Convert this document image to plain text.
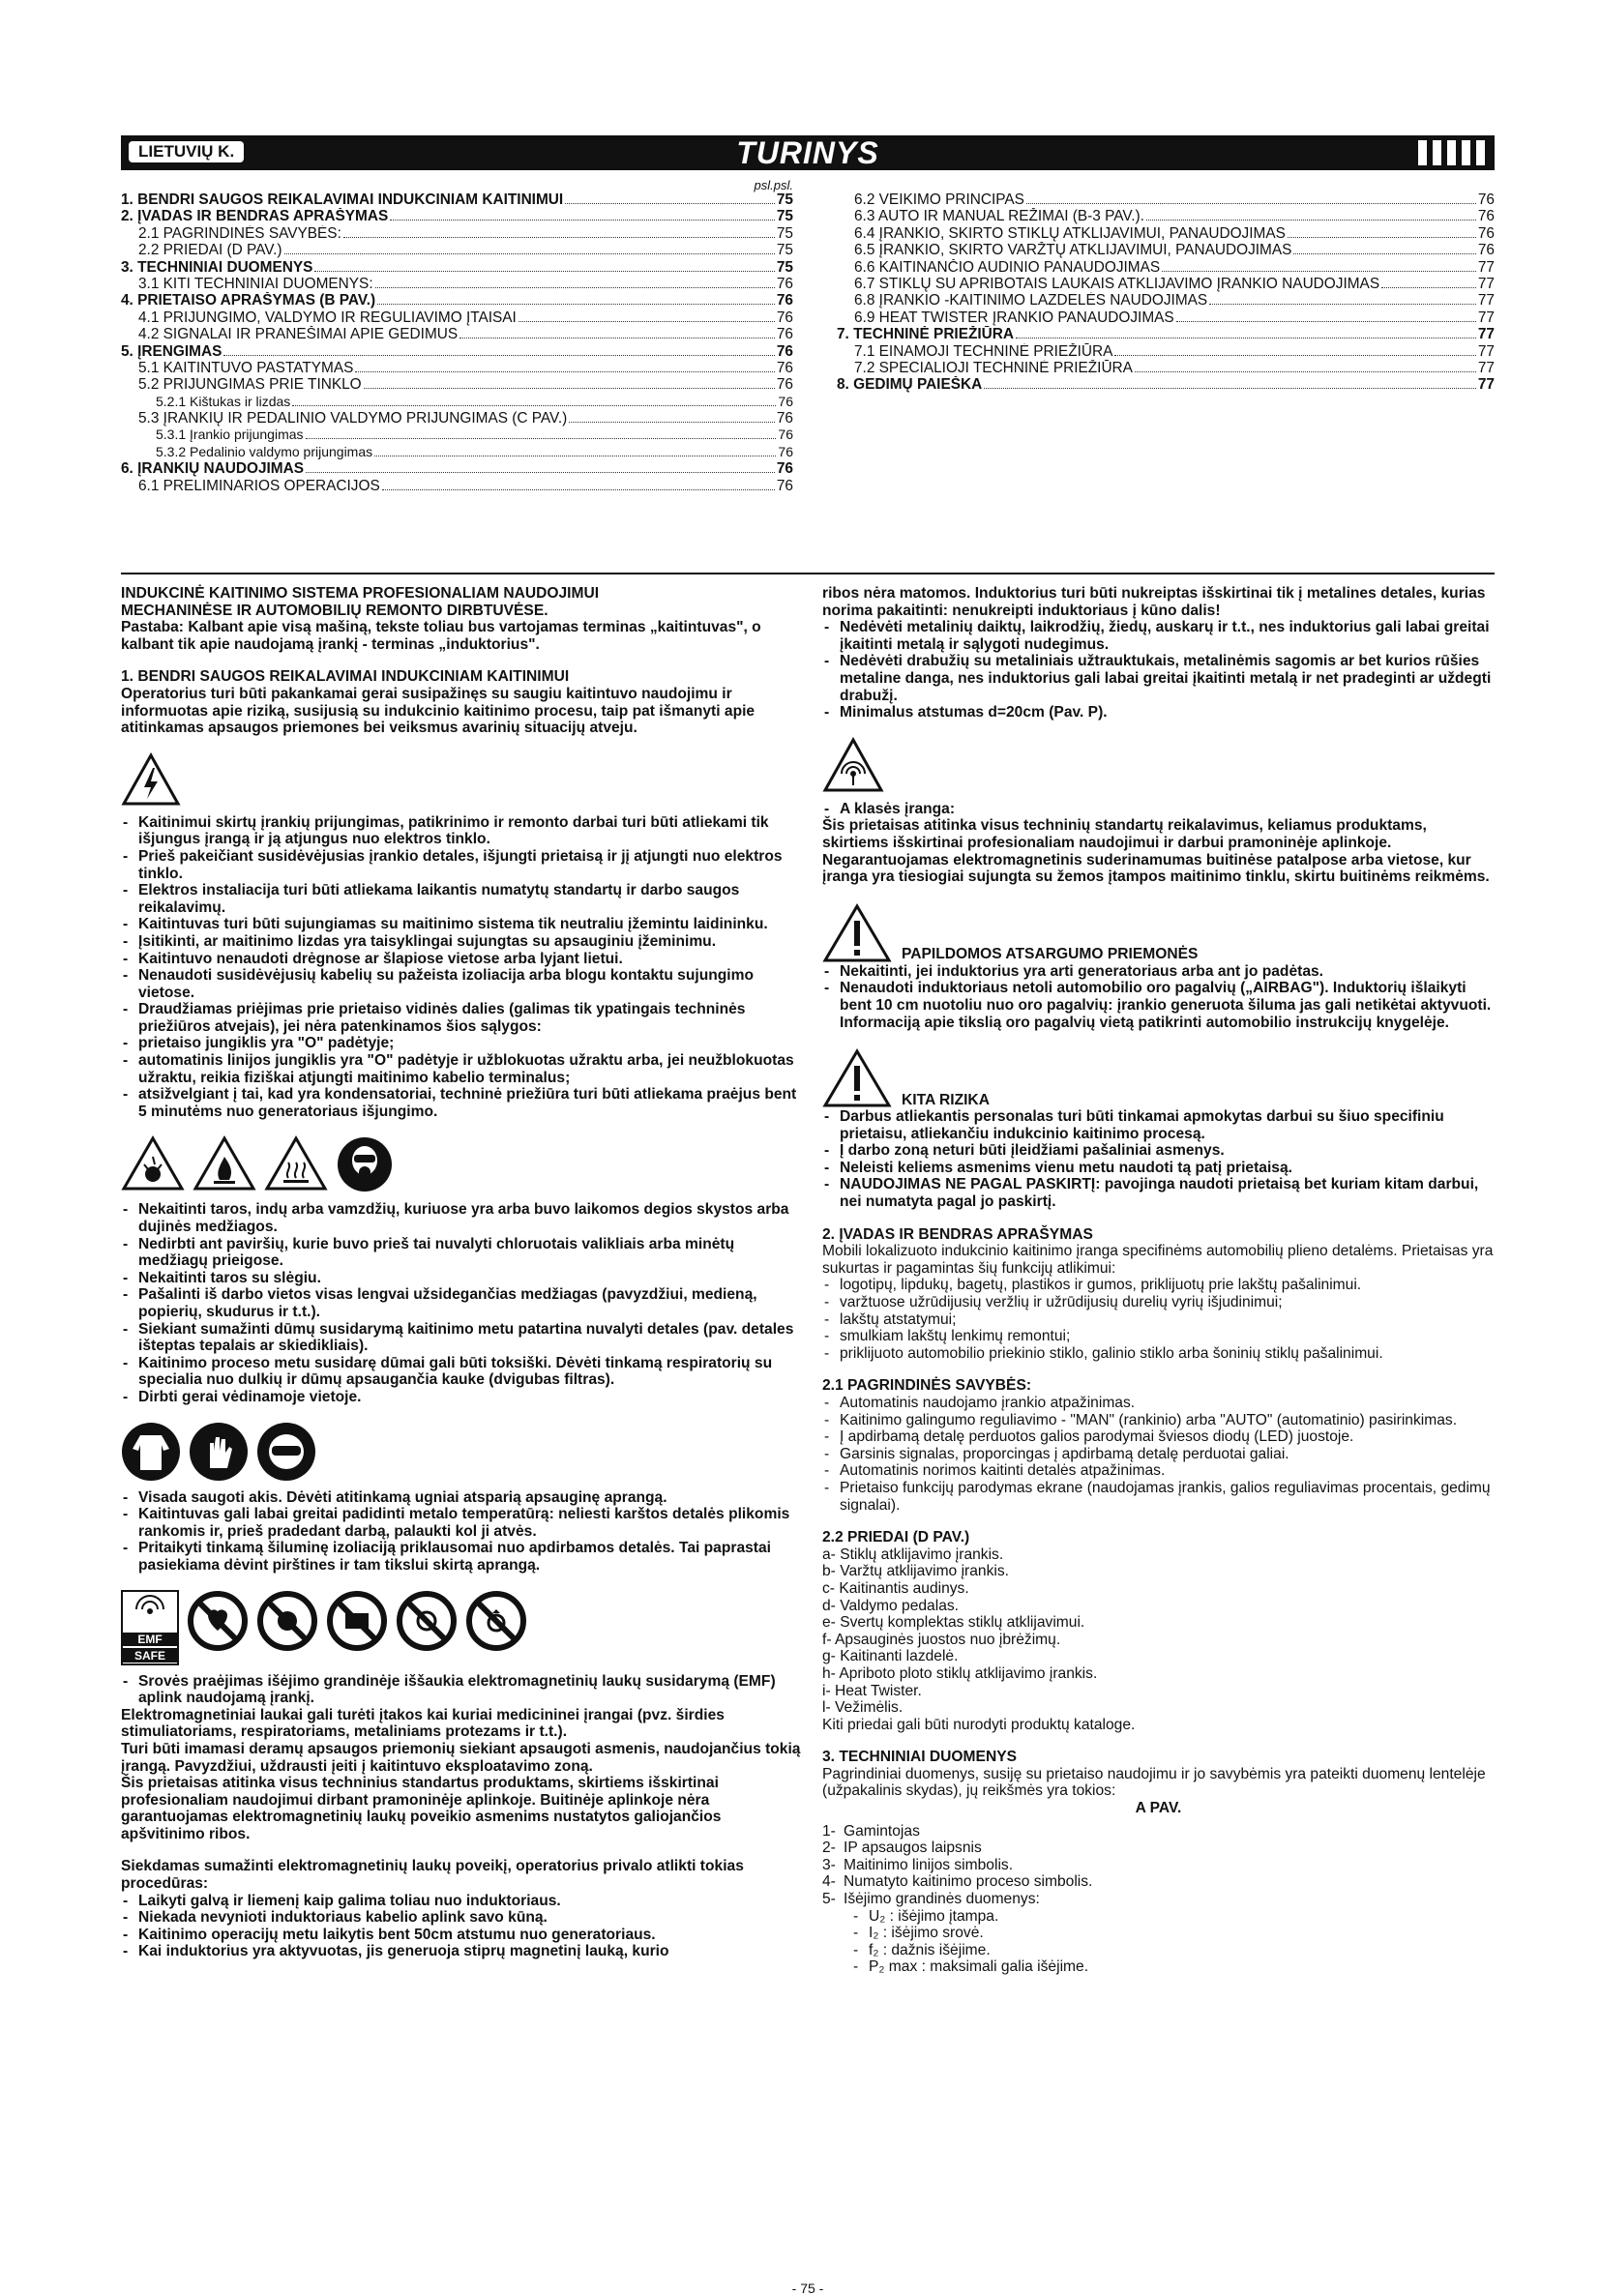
LIETUVIŲ K.	TURINYS
psl.psl.
1. BENDRI SAUGOS REIKALAVIMAI INDUKCINIAM KAITINIMUI	75
2. ĮVADAS IR BENDRAS APRAŠYMAS	75
2.1 PAGRINDINĖS SAVYBĖS:	75
2.2 PRIEDAI (D PAV.)	75
3. TECHNINIAI DUOMENYS	75
3.1 KITI TECHNINIAI DUOMENYS:	76
4. PRIETAISO APRAŠYMAS (B PAV.)	76
4.1 PRIJUNGIMO, VALDYMO IR REGULIAVIMO ĮTAISAI	76
4.2 SIGNALAI IR PRANEŠIMAI APIE GEDIMUS	76
5. ĮRENGIMAS	76
5.1 KAITINTUVO PASTATYMAS	76
5.2 PRIJUNGIMAS PRIE TINKLO	76
5.2.1 Kištukas ir lizdas	76
5.3 ĮRANKIŲ IR PEDALINIO VALDYMO PRIJUNGIMAS (C PAV.)	76
5.3.1 Įrankio prijungimas	76
5.3.2 Pedalinio valdymo prijungimas	76
6. ĮRANKIŲ NAUDOJIMAS	76
6.1 PRELIMINARIOS OPERACIJOS	76
6.2 VEIKIMO PRINCIPAS	76
6.3 AUTO IR MANUAL REŽIMAI (B-3 PAV.).	76
6.4 ĮRANKIO, SKIRTO STIKLŲ ATKLIJAVIMUI, PANAUDOJIMAS	76
6.5 ĮRANKIO, SKIRTO VARŽTŲ ATKLIJAVIMUI, PANAUDOJIMAS	76
6.6 KAITINANČIO AUDINIO PANAUDOJIMAS	77
6.7 STIKLŲ SU APRIBOTAIS LAUKAIS ATKLIJAVIMO ĮRANKIO NAUDOJIMAS	77
6.8 ĮRANKIO -KAITINIMO LAZDELĖS NAUDOJIMAS	77
6.9 HEAT TWISTER ĮRANKIO PANAUDOJIMAS	77
7. TECHNINĖ PRIEŽIŪRA	77
7.1 EINAMOJI TECHNINĖ PRIEŽIŪRA	77
7.2 SPECIALIOJI TECHNINĖ PRIEŽIŪRA	77
8. GEDIMŲ PAIEŠKA	77

INDUKCINĖ KAITINIMO SISTEMA PROFESIONALIAM NAUDOJIMUI

MECHANINĖSE IR AUTOMOBILIŲ REMONTO DIRBTUVĖSE.

Pastaba: Kalbant apie visą mašiną, tekste toliau bus vartojamas terminas „kaitintuvas", o kalbant tik apie naudojamą įrankį - terminas „induktorius".

1. BENDRI SAUGOS REIKALAVIMAI INDUKCINIAM KAITINIMUI

Operatorius turi būti pakankamai gerai susipažinęs su saugiu kaitintuvo naudojimu ir informuotas apie riziką, susijusią su indukcinio kaitinimo procesu, taip pat išmanyti apie atitinkamas apsaugos priemones bei veiksmus avarinių situacijų atveju.

- Kaitinimui skirtų įrankių prijungimas, patikrinimo ir remonto darbai turi būti atliekami tik išjungus įrangą ir ją atjungus nuo elektros tinklo.
- Prieš pakeičiant susidėvėjusias įrankio detales, išjungti prietaisą ir jį atjungti nuo elektros tinklo.
- Elektros instaliacija turi būti atliekama laikantis numatytų standartų ir darbo saugos reikalavimų.
- Kaitintuvas turi būti sujungiamas su maitinimo sistema tik neutraliu įžemintu laidininku.
- Įsitikinti, ar maitinimo lizdas yra taisyklingai sujungtas su apsauginiu įžeminimu.
- Kaitintuvo nenaudoti drėgnose ar šlapiose vietose arba lyjant lietui.
- Nenaudoti susidėvėjusių kabelių su pažeista izoliacija arba blogu kontaktu sujungimo vietose.
- Draudžiamas priėjimas prie prietaiso vidinės dalies (galimas tik ypatingais techninės priežiūros atvejais), jei nėra patenkinamos šios sąlygos:
- prietaiso jungiklis yra "O" padėtyje;
- automatinis linijos jungiklis yra "O" padėtyje ir užblokuotas užraktu arba, jei neužblokuotas užraktu, reikia fiziškai atjungti maitinimo kabelio terminalus;
- atsižvelgiant į tai, kad yra kondensatoriai, techninė priežiūra turi būti atliekama praėjus bent 5 minutėms nuo generatoriaus išjungimo.
- Nekaitinti taros, indų arba vamzdžių, kuriuose yra arba buvo laikomos degios skystos arba dujinės medžiagos.
- Nedirbti ant paviršių, kurie buvo prieš tai nuvalyti chloruotais valikliais arba minėtų medžiagų prieigose.
- Nekaitinti taros su slėgiu.
- Pašalinti iš darbo vietos visas lengvai užsidegančias medžiagas (pavyzdžiui, medieną, popierių, skudurus ir t.t.).
- Siekiant sumažinti dūmų susidarymą kaitinimo metu patartina nuvalyti detales (pav. detales išteptas tepalais ar skiedikliais).
- Kaitinimo proceso metu susidarę dūmai gali būti toksiški. Dėvėti tinkamą respiratorių su specialia nuo dulkių ir dūmų apsaugančia kauke (dvigubas filtras).
- Dirbti gerai vėdinamoje vietoje.
- Visada saugoti akis. Dėvėti atitinkamą ugniai atsparią apsauginę aprangą.
- Kaitintuvas gali labai greitai padidinti metalo temperatūrą: neliesti karštos detalės plikomis rankomis ir, prieš pradedant darbą, palaukti kol ji atvės.
- Pritaikyti tinkamą šiluminę izoliaciją priklausomai nuo apdirbamos detalės. Tai paprastai pasiekiama dėvint pirštines ir tam tikslui skirtą aprangą.
EMF
SAFE
- Srovės praėjimas išėjimo grandinėje iššaukia elektromagnetinių laukų susidarymą (EMF) aplink naudojamą įrankį.

Elektromagnetiniai laukai gali turėti įtakos kai kuriai medicininei įrangai (pvz. širdies stimuliatoriams, respiratoriams, metaliniams protezams ir t.t.).

Turi būti imamasi deramų apsaugos priemonių siekiant apsaugoti asmenis, naudojančius tokią įrangą. Pavyzdžiui, uždrausti įeiti į kaitintuvo eksploatavimo zoną.

Šis prietaisas atitinka visus techninius standartus produktams, skirtiems išskirtinai profesionaliam naudojimui dirbant pramoninėje aplinkoje. Buitinėje aplinkoje nėra garantuojamas elektromagnetinių laukų poveikio asmenims nustatytos galiojančios apšvitinimo ribos.

Siekdamas sumažinti elektromagnetinių laukų poveikį, operatorius privalo atlikti tokias procedūras:

- Laikyti galvą ir liemenį kaip galima toliau nuo induktoriaus.
- Niekada nevynioti induktoriaus kabelio aplink savo kūną.
- Kaitinimo operacijų metu laikytis bent 50cm atstumu nuo generatoriaus.
- Kai induktorius yra aktyvuotas, jis generuoja stiprų magnetinį lauką, kurio

ribos nėra matomos. Induktorius turi būti nukreiptas išskirtinai tik į metalines detales, kurias norima pakaitinti: nenukreipti induktoriaus į kūno dalis!

- Nedėvėti metalinių daiktų, laikrodžių, žiedų, auskarų ir t.t., nes induktorius gali labai greitai įkaitinti metalą ir sąlygoti nudegimus.
- Nedėvėti drabužių su metaliniais užtrauktukais, metalinėmis sagomis ar bet kurios rūšies metaline danga, nes induktorius gali labai greitai įkaitinti metalą ir net pradeginti ar uždegti drabužį.
- Minimalus atstumas d=20cm (Pav. P).
- A klasės įranga:

Šis prietaisas atitinka visus techninių standartų reikalavimus, keliamus produktams, skirtiems išskirtinai profesionaliam naudojimui ir darbui pramoninėje aplinkoje. Negarantuojamas elektromagnetinis suderinamumas buitinėse patalpose arba vietose, kur įranga yra tiesiogiai sujungta su žemos įtampos maitinimo tinklu, skirtu buitinėms reikmėms.

PAPILDOMOS ATSARGUMO PRIEMONĖS
- Nekaitinti, jei induktorius yra arti generatoriaus arba ant jo padėtas.
- Nenaudoti induktoriaus netoli automobilio oro pagalvių („AIRBAG"). Induktorių išlaikyti bent 10 cm nuotoliu nuo oro pagalvių: įrankio generuota šiluma jas gali netikėtai aktyvuoti. Informaciją apie tikslią oro pagalvių vietą patikrinti automobilio instrukcijų knygelėje.
KITA RIZIKA
- Darbus atliekantis personalas turi būti tinkamai apmokytas darbui su šiuo specifiniu prietaisu, atliekančiu indukcinio kaitinimo procesą.
- Į darbo zoną neturi būti įleidžiami pašaliniai asmenys.
- Neleisti keliems asmenims vienu metu naudoti tą patį prietaisą.
- NAUDOJIMAS NE PAGAL PASKIRTĮ: pavojinga naudoti prietaisą bet kuriam kitam darbui, nei numatyta pagal jo paskirtį.

2. ĮVADAS IR BENDRAS APRAŠYMAS

Mobili lokalizuoto indukcinio kaitinimo įranga specifinėms automobilių plieno detalėms. Prietaisas yra sukurtas ir pagamintas šių funkcijų atlikimui:

- logotipų, lipdukų, bagetų, plastikos ir gumos, priklijuotų prie lakštų pašalinimui.
- varžtuose užrūdijusių veržlių ir užrūdijusių durelių vyrių išjudinimui;
- lakštų atstatymui;
- smulkiam lakštų lenkimų remontui;
- priklijuoto automobilio priekinio stiklo, galinio stiklo arba šoninių stiklų pašalinimui.

2.1 PAGRINDINĖS SAVYBĖS:

- Automatinis naudojamo įrankio atpažinimas.
- Kaitinimo galingumo reguliavimo - "MAN" (rankinio) arba "AUTO" (automatinio) pasirinkimas.
- Į apdirbamą detalę perduotos galios parodymai šviesos diodų (LED) juostoje.
- Garsinis signalas, proporcingas į apdirbamą detalę perduotai galiai.
- Automatinis norimos kaitinti detalės atpažinimas.
- Prietaiso funkcijų parodymas ekrane (naudojamas įrankis, galios reguliavimas procentais, gedimų signalai).

2.2 PRIEDAI (D PAV.)

a- Stiklų atklijavimo įrankis.

b- Varžtų atklijavimo įrankis.

c- Kaitinantis audinys.

d- Valdymo pedalas.

e- Svertų komplektas stiklų atklijavimui.

f- Apsauginės juostos nuo įbrėžimų.

g- Kaitinanti lazdelė.

h- Apriboto ploto stiklų atklijavimo įrankis.

i- Heat Twister.

l- Vežimėlis.

Kiti priedai gali būti nurodyti produktų kataloge.

3. TECHNINIAI DUOMENYS

Pagrindiniai duomenys, susiję su prietaiso naudojimu ir jo savybėmis yra pateikti duomenų lentelėje (užpakalinis skydas), jų reikšmės yra tokios:

A PAV.

1- Gamintojas
2- IP apsaugos laipsnis
3- Maitinimo linijos simbolis.
4- Numatyto kaitinimo proceso simbolis.
5- Išėjimo grandinės duomenys:
- U₂ : išėjimo įtampa.
- I₂ : išėjimo srovė.
- f₂ : dažnis išėjime.
- P₂ max : maksimali galia išėjime.
- 75 -
